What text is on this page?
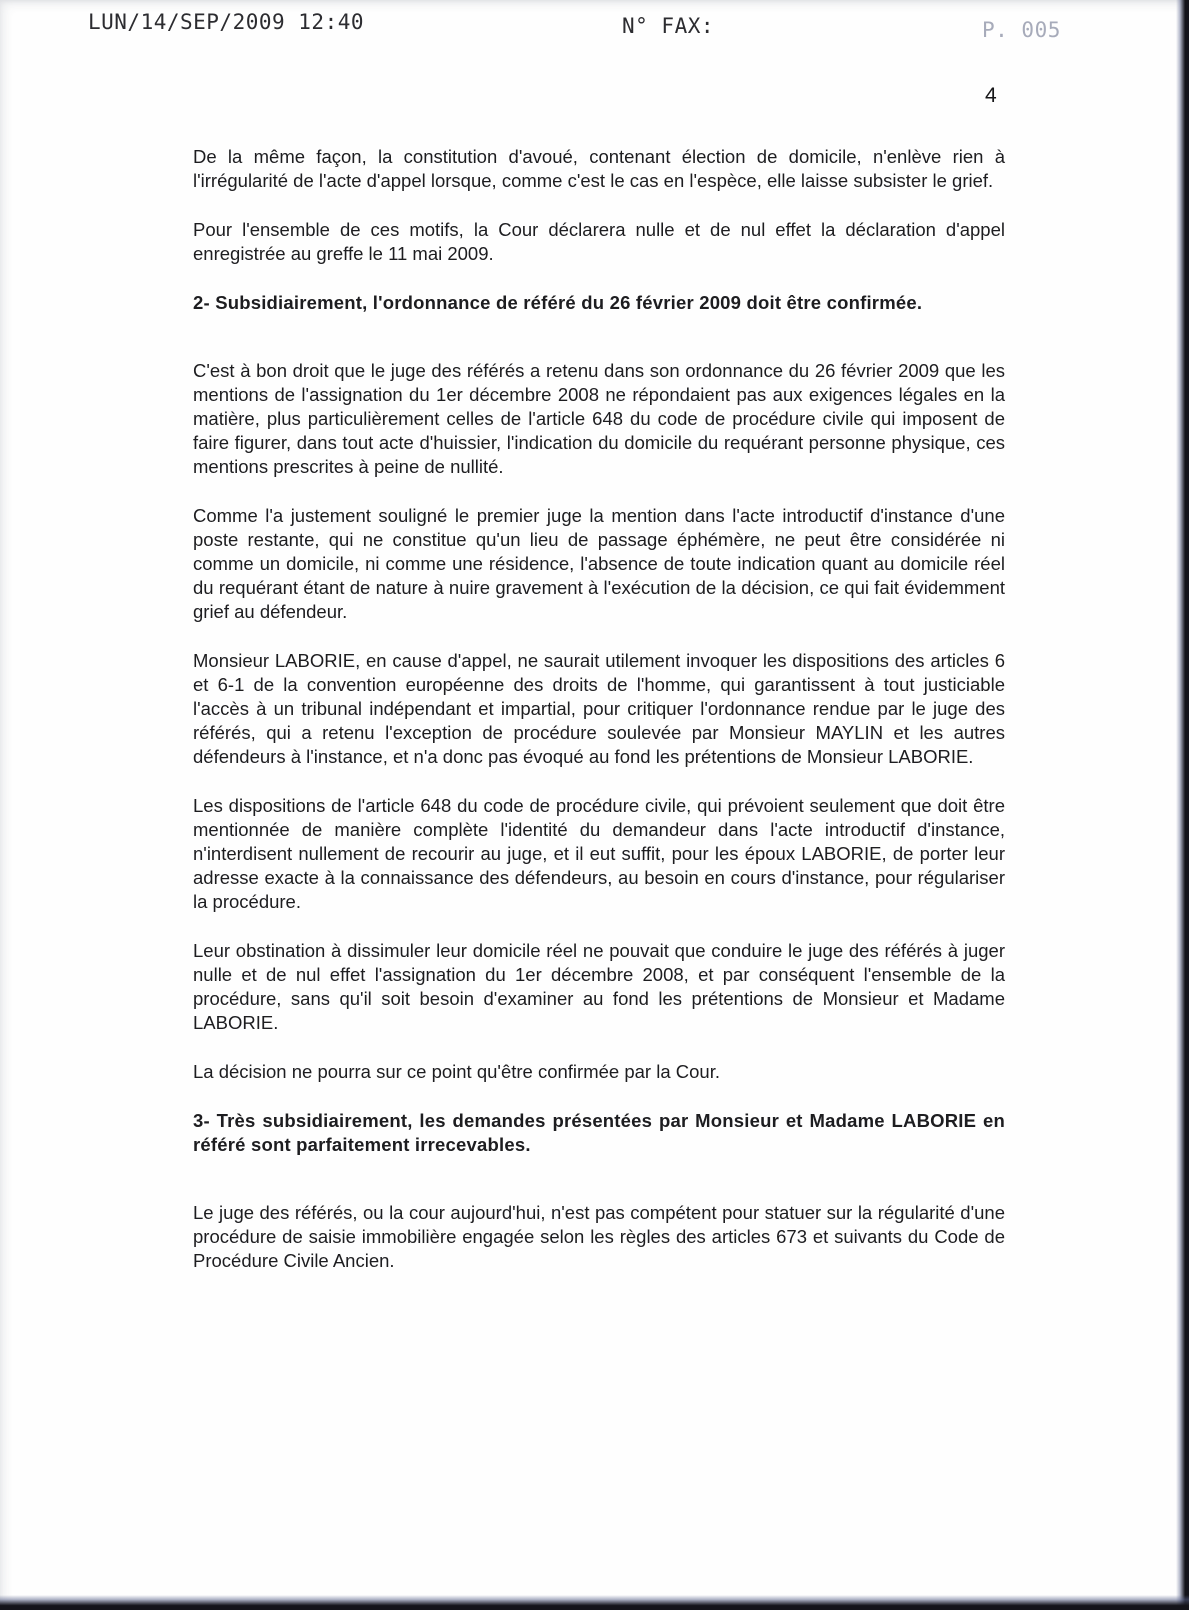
LUN/14/SEP/2009 12:40	N° FAX:	P. 005
4

De la même façon, la constitution d'avoué, contenant élection de domicile, n'enlève rien à l'irrégularité de l'acte d'appel lorsque, comme c'est le cas en l'espèce, elle laisse subsister le grief.

Pour l'ensemble de ces motifs, la Cour déclarera nulle et de nul effet la déclaration d'appel enregistrée au greffe le 11 mai 2009.

2- Subsidiairement, l'ordonnance de référé du 26 février 2009 doit être confirmée.

C'est à bon droit que le juge des référés a retenu dans son ordonnance du 26 février 2009 que les mentions de l'assignation du 1er décembre 2008 ne répondaient pas aux exigences légales en la matière, plus particulièrement celles de l'article 648 du code de procédure civile qui imposent de faire figurer, dans tout acte d'huissier, l'indication du domicile du requérant personne physique, ces mentions prescrites à peine de nullité.

Comme l'a justement souligné le premier juge la mention dans l'acte introductif d'instance d'une poste restante, qui ne constitue qu'un lieu de passage éphémère, ne peut être considérée ni comme un domicile, ni comme une résidence, l'absence de toute indication quant au domicile réel du requérant étant de nature à nuire gravement à l'exécution de la décision, ce qui fait évidemment grief au défendeur.

Monsieur LABORIE, en cause d'appel, ne saurait utilement invoquer les dispositions des articles 6 et 6-1 de la convention européenne des droits de l'homme, qui garantissent à tout justiciable l'accès à un tribunal indépendant et impartial, pour critiquer l'ordonnance rendue par le juge des référés, qui a retenu l'exception de procédure soulevée par Monsieur MAYLIN et les autres défendeurs à l'instance, et n'a donc pas évoqué au fond les prétentions de Monsieur LABORIE.

Les dispositions de l'article 648 du code de procédure civile, qui prévoient seulement que doit être mentionnée de manière complète l'identité du demandeur dans l'acte introductif d'instance, n'interdisent nullement de recourir au juge, et il eut suffit, pour les époux LABORIE, de porter leur adresse exacte à la connaissance des défendeurs, au besoin en cours d'instance, pour régulariser la procédure.

Leur obstination à dissimuler leur domicile réel ne pouvait que conduire le juge des référés à juger nulle et de nul effet l'assignation du 1er décembre 2008, et par conséquent l'ensemble de la procédure, sans qu'il soit besoin d'examiner au fond les prétentions de Monsieur et Madame LABORIE.

La décision ne pourra sur ce point qu'être confirmée par la Cour.

3- Très subsidiairement, les demandes présentées par Monsieur et Madame LABORIE en référé sont parfaitement irrecevables.

Le juge des référés, ou la cour aujourd'hui, n'est pas compétent pour statuer sur la régularité d'une procédure de saisie immobilière engagée selon les règles des articles 673 et suivants du Code de Procédure Civile Ancien.
